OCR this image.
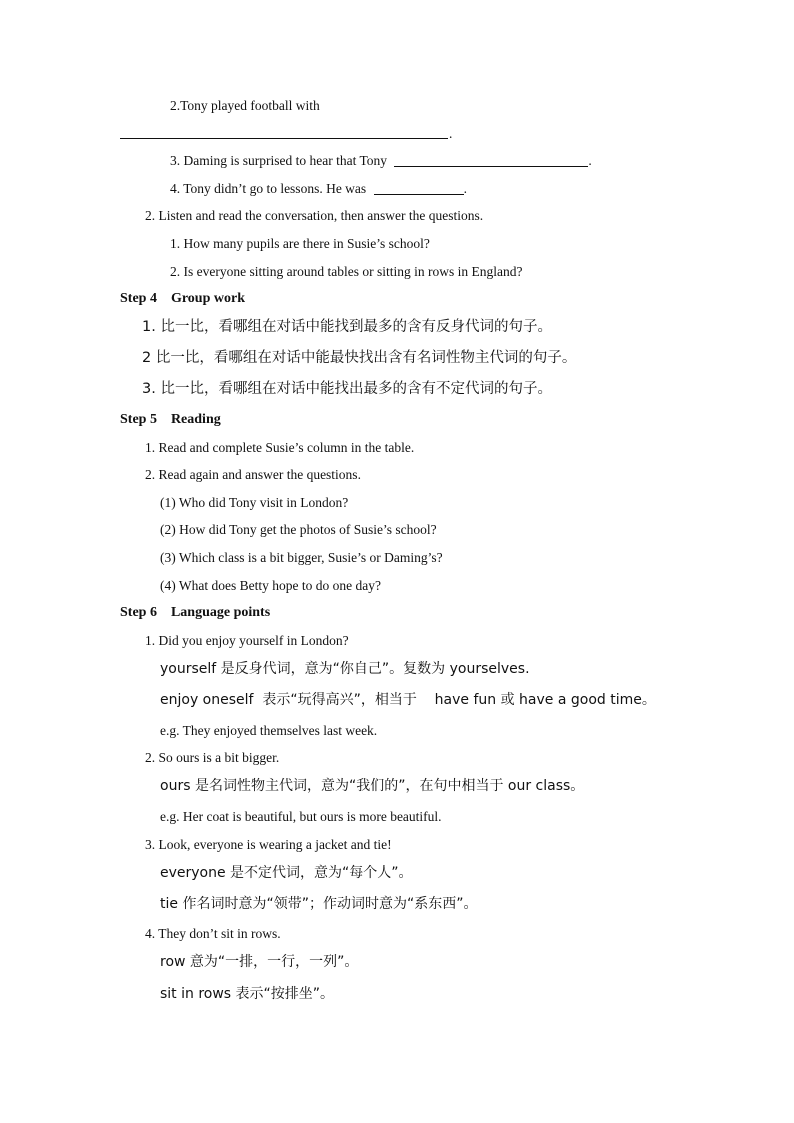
2.Tony played football with
.
3. Daming is surprised to hear that Tony	.
4. Tony didn’t go to lessons. He was	.
2. Listen and read the conversation, then answer the questions.
1. How many pupils are there in Susie’s school?
2. Is everyone sitting around tables or sitting in rows in England?
Step 4    Group work
1. 比一比，看哪组在对话中能找到最多的含有反身代词的句子。
2 比一比，看哪组在对话中能最快找出含有名词性物主代词的句子。
3. 比一比，看哪组在对话中能找出最多的含有不定代词的句子。
Step 5    Reading
1. Read and complete Susie’s column in the table.
2. Read again and answer the questions.
(1) Who did Tony visit in London?
(2) How did Tony get the photos of Susie’s school?
(3) Which class is a bit bigger, Susie’s or Daming’s?
(4) What does Betty hope to do one day?
Step 6    Language points
1. Did you enjoy yourself in London?
yourself 是反身代词，意为“你自己”。复数为 yourselves.
enjoy oneself  表示“玩得高兴”，相当于    have fun 或 have a good time。
e.g. They enjoyed themselves last week.
2. So ours is a bit bigger.
ours 是名词性物主代词，意为“我们的”，在句中相当于 our class。
e.g. Her coat is beautiful, but ours is more beautiful.
3. Look, everyone is wearing a jacket and tie!
everyone 是不定代词，意为“每个人”。
tie 作名词时意为“领带”；作动词时意为“系东西”。
4. They don’t sit in rows.
row 意为“一排，一行，一列”。
sit in rows 表示“按排坐”。
